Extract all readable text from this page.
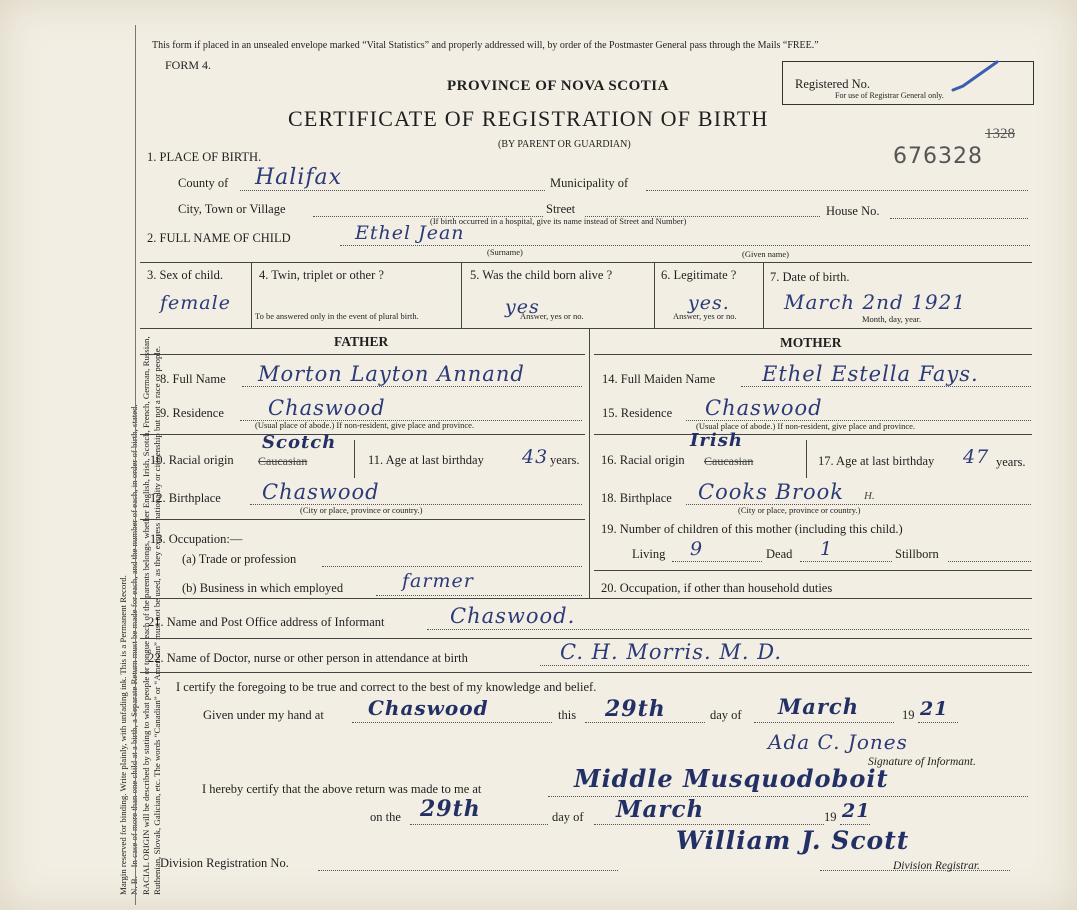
Margin reserved for binding. Write plainly, with unfading ink. This is a Permanent Record. N. B.—In case of more than one child at a birth, a Separate Return must be made for each, and the number of each, in order of birth, stated. RACIAL ORIGIN will be described by stating to what people or tongue each of the parents belongs, whether English, Irish, Scotch, French, German, Russian, Ruthenian, Slovak, Galician, etc. The words “Canadian” or “American” must not be used, as they express nationality or citizenship but not a race or people.
This form if placed in an unsealed envelope marked “Vital Statistics” and properly addressed will, by order of the Postmaster General pass through the Mails “FREE.”
FORM 4.
PROVINCE OF NOVA SCOTIA
CERTIFICATE OF REGISTRATION OF BIRTH
(BY PARENT OR GUARDIAN)
Registered No.
For use of Registrar General only.
676328
1328
1. PLACE OF BIRTH.
County of Halifax	Municipality of
City, Town or Village	Street	House No.
2. FULL NAME OF CHILD	Ethel Jean
(If birth occurred in a hospital, give its name instead of Street and Number)
(Surname)	(Given name)
3. Sex of child.
female
4. Twin, triplet or other ?
To be answered only in the event of plural birth.
5. Was the child born alive ?
yes
Answer, yes or no.
6. Legitimate ?
yes.
Answer, yes or no.
7. Date of birth.
March 2nd 1921
Month, day, year.
FATHER	MOTHER
8. Full Name Morton Layton Annand
9. Residence Chaswood
(Usual place of abode.) If non-resident, give place and province.
10. Racial origin Caucasian
Scotch
11. Age at last birthday 43 years.
12. Birthplace Chaswood
(City or place, province or country.)
13. Occupation:—
(a) Trade or profession
(b) Business in which employed	farmer
14. Full Maiden Name Ethel Estella Fays.
15. Residence Chaswood
(Usual place of abode.) If non-resident, give place and province.
16. Racial origin Caucasian
Irish
17. Age at last birthday 47 years.
18. Birthplace Cooks Brook H.
(City or place, province or country.)
19. Number of children of this mother (including this child.)
Living 9	Dead 1	Stillborn
20. Occupation, if other than household duties
21. Name and Post Office address of Informant	Chaswood.
22. Name of Doctor, nurse or other person in attendance at birth	C. H. Morris. M. D.
I certify the foregoing to be true and correct to the best of my knowledge and belief.
Given under my hand at Chaswood	this 29th	day of March	19 21
Ada C. Jones
Signature of Informant.
I hereby certify that the above return was made to me at	Middle Musquodoboit
on the 29th	day of March	19 21
Division Registration No.
William J. Scott
Division Registrar.
